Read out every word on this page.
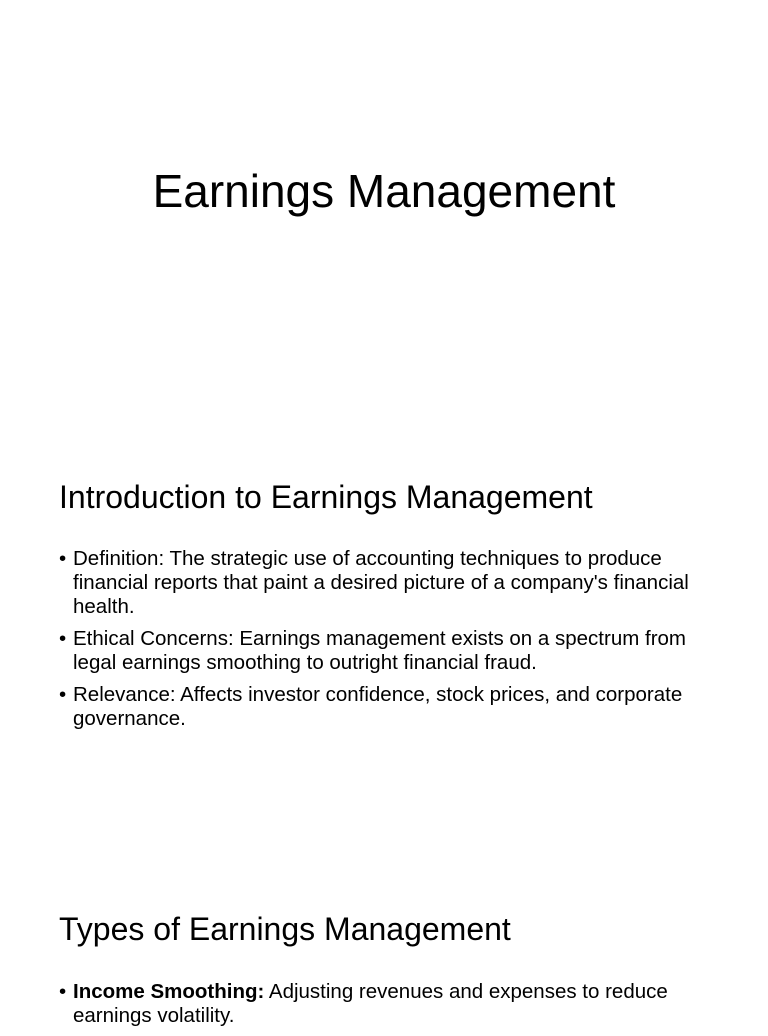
Earnings Management
Introduction to Earnings Management
• Definition: The strategic use of accounting techniques to produce financial reports that paint a desired picture of a company's financial health.
• Ethical Concerns: Earnings management exists on a spectrum from legal earnings smoothing to outright financial fraud.
• Relevance: Affects investor confidence, stock prices, and corporate governance.
Types of Earnings Management
• Income Smoothing: Adjusting revenues and expenses to reduce earnings volatility.
